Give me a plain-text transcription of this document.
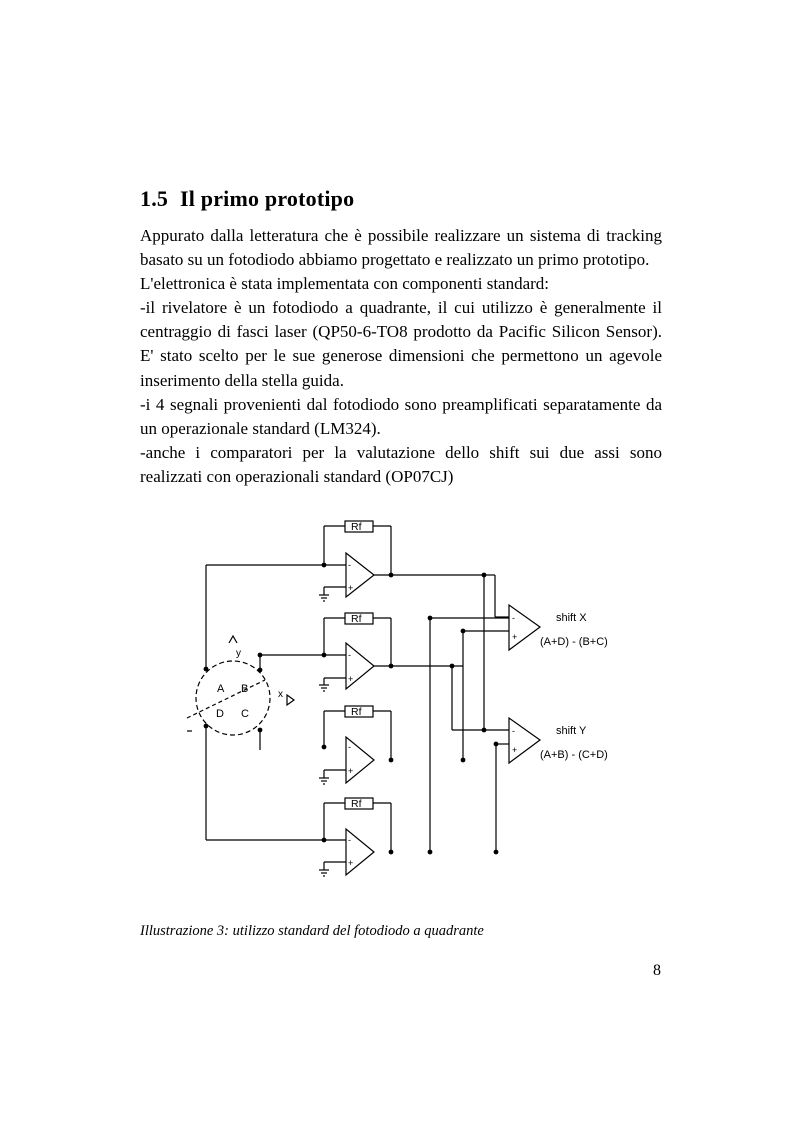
1.5 Il primo prototipo

Appurato dalla letteratura che è possibile realizzare un sistema di tracking basato su un fotodiodo abbiamo progettato e realizzato un primo prototipo.

L'elettronica è stata implementata con componenti standard:

-il rivelatore è un fotodiodo a quadrante, il cui utilizzo è generalmente il centraggio di fasci laser (QP50-6-TO8 prodotto da Pacific Silicon Sensor). E' stato scelto per le sue generose dimensioni che permettono un agevole inserimento della stella guida.

-i 4 segnali provenienti dal fotodiodo sono preamplificati separatamente da un operazionale standard (LM324).

-anche i comparatori per la valutazione dello shift sui due assi sono realizzati con operazionali standard (OP07CJ)

Rf
Rf
Rf
Rf
-
+
-
+
-
+
-
+
-
+
-
+
A B
C
D
x
y
shift X
(A+D) - (B+C)
shift Y
(A+B) - (C+D)
Illustrazione 3: utilizzo standard del fotodiodo a quadrante
8
